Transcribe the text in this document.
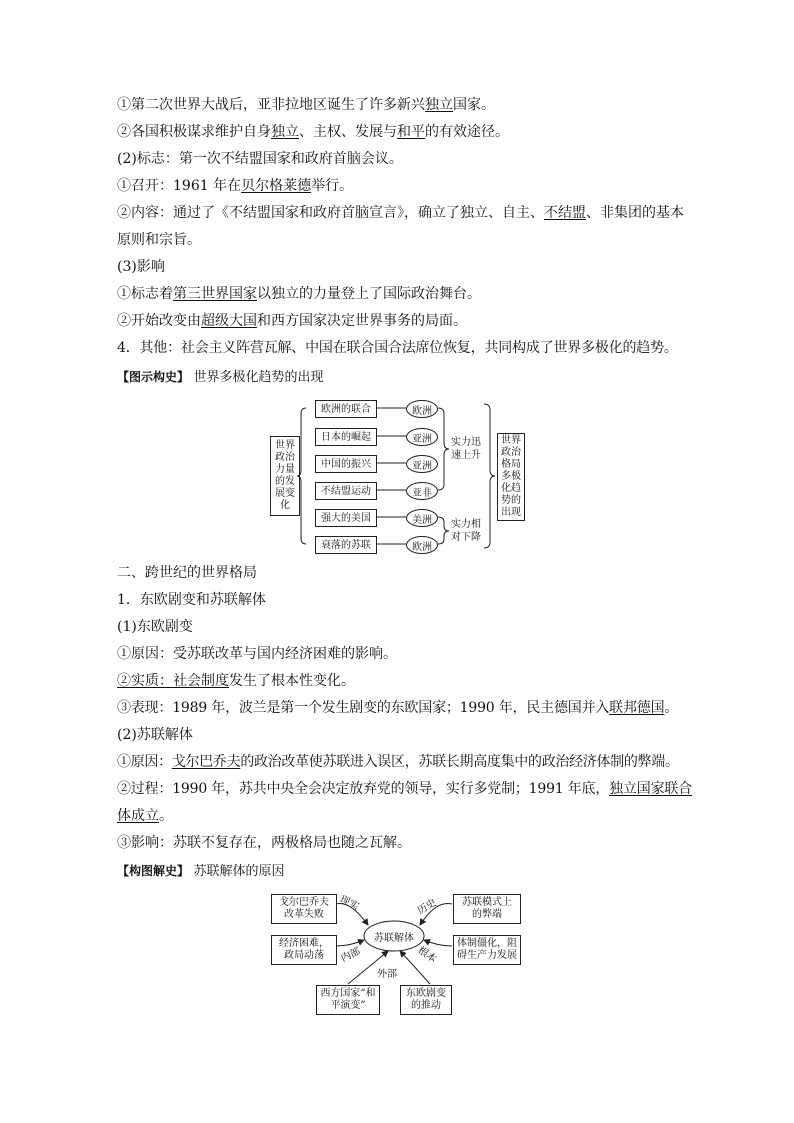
①第二次世界大战后，亚非拉地区诞生了许多新兴独立国家。
②各国积极谋求维护自身独立、主权、发展与和平的有效途径。
(2)标志：第一次不结盟国家和政府首脑会议。
①召开：1961 年在贝尔格莱德举行。
②内容：通过了《不结盟国家和政府首脑宣言》，确立了独立、自主、不结盟、非集团的基本
原则和宗旨。
(3)影响
①标志着第三世界国家以独立的力量登上了国际政治舞台。
②开始改变由超级大国和西方国家决定世界事务的局面。
4．其他：社会主义阵营瓦解、中国在联合国合法席位恢复，共同构成了世界多极化的趋势。
【图示构史】 世界多极化趋势的出现
世界政治力量的发展变化
欧洲的联合
日本的崛起
中国的振兴
不结盟运动
强大的美国
衰落的苏联
欧洲
亚洲
亚洲
亚非
美洲
欧洲
实力迅速上升
实力相对下降
世界政治格局多极化趋势的出现
二、跨世纪的世界格局
1．东欧剧变和苏联解体
(1)东欧剧变
①原因：受苏联改革与国内经济困难的影响。
②实质：社会制度发生了根本性变化。
③表现：1989 年，波兰是第一个发生剧变的东欧国家；1990 年，民主德国并入联邦德国。
(2)苏联解体
①原因：戈尔巴乔夫的政治改革使苏联进入误区，苏联长期高度集中的政治经济体制的弊端。
②过程：1990 年，苏共中央全会决定放弃党的领导，实行多党制；1991 年底，独立国家联合
体成立。
③影响：苏联不复存在，两极格局也随之瓦解。
【构图解史】 苏联解体的原因
苏联解体
戈尔巴乔夫改革失败
经济困难，政局动荡
苏联模式上的弊端
体制僵化，阻碍生产力发展
西方国家“和平演变”
东欧剧变的推动
现实	历史
内部	根本
外部
